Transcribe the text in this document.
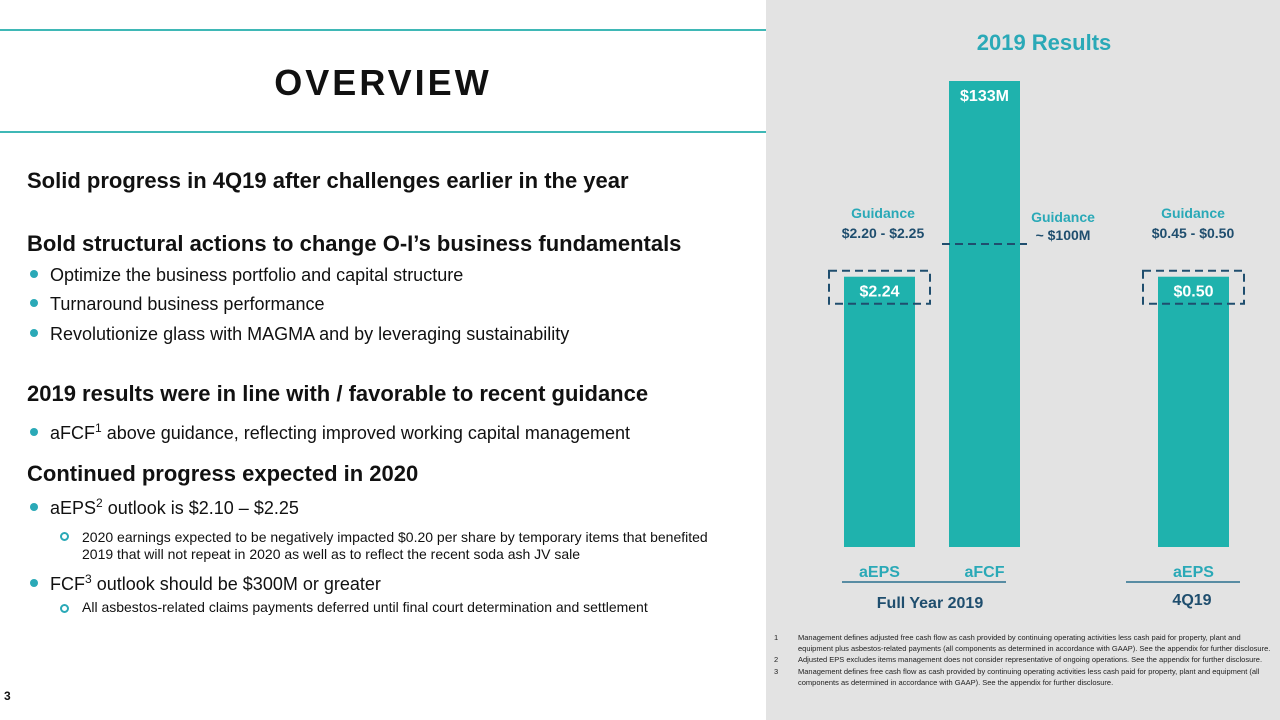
OVERVIEW
Solid progress in 4Q19 after challenges earlier in the year
Bold structural actions to change O-I’s business fundamentals
Optimize the business portfolio and capital structure
Turnaround business performance
Revolutionize glass with MAGMA and by leveraging sustainability
2019 results were in line with / favorable to recent guidance
aFCF$^1$ above guidance, reflecting improved working capital management
Continued progress expected in 2020
aEPS$^2$ outlook is $2.10 – $2.25
2020 earnings expected to be negatively impacted $0.20 per share by temporary items that benefited 2019 that will not repeat in 2020 as well as to reflect the recent soda ash JV sale
FCF$^3$ outlook should be $300M or greater
All asbestos-related claims payments deferred until final court determination and settlement
3
2019 Results
$2.24
aEPS
$133M
aFCF
$0.50
aEPS
Guidance
$2.20 - $2.25
Guidance
~ $100M
Guidance
$0.45 - $0.50
Full Year 2019	4Q19
1	Management defines adjusted free cash flow as cash provided by continuing operating activities less cash paid for property, plant and equipment plus asbestos-related payments (all components as determined in accordance with GAAP). See the appendix for further disclosure.
2	Adjusted EPS excludes items management does not consider representative of ongoing operations. See the appendix for further disclosure.
3	Management defines free cash flow as cash provided by continuing operating activities less cash paid for property, plant and equipment (all components as determined in accordance with GAAP). See the appendix for further disclosure.
